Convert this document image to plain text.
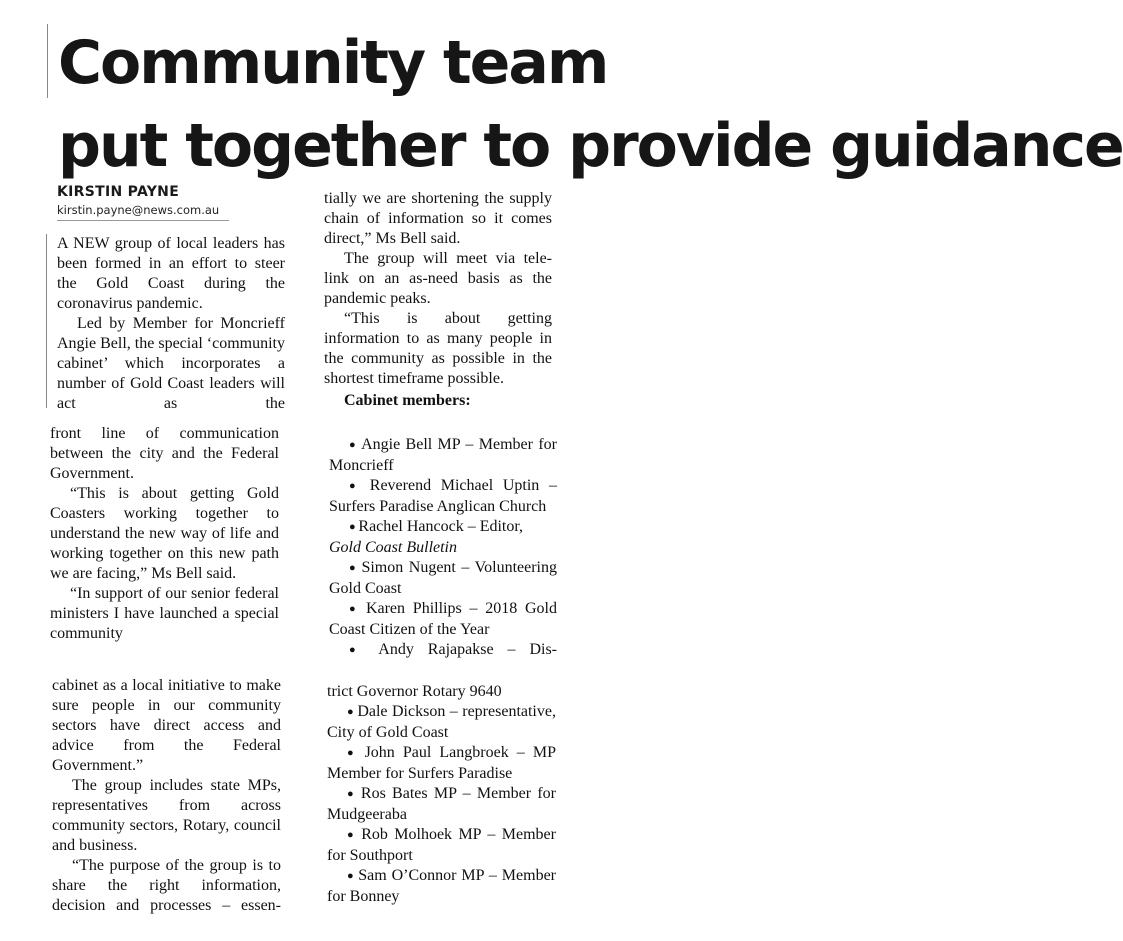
Community team
put together to provide guidance
KIRSTIN PAYNE
kirstin.payne@news.com.au

A NEW group of local leaders has been formed in an effort to steer the Gold Coast during the coronavirus pandemic.

Led by Member for Moncrieff Angie Bell, the special ‘community cabinet’ which incorporates a number of Gold Coast leaders will act as the

front line of communication between the city and the Federal Government.

“This is about getting Gold Coasters working together to understand the new way of life and working together on this new path we are facing,” Ms Bell said.

“In support of our senior federal ministers I have launched a special community

cabinet as a local initiative to make sure people in our community sectors have direct access and advice from the Federal Government.”

The group includes state MPs, representatives from across community sectors, Rotary, council and business.

“The purpose of the group is to share the right information, decision and processes – essen-

tially we are shortening the supply chain of information so it comes direct,” Ms Bell said.

The group will meet via tele-link on an as-need basis as the pandemic peaks.

“This is about getting information to as many people in the community as possible in the shortest timeframe possible.

Cabinet members:

● Angie Bell MP – Member for Moncrieff

● Reverend Michael Uptin – Surfers Paradise Anglican Church

● Rachel Hancock – Editor,

Gold Coast Bulletin

● Simon Nugent – Volunteering Gold Coast

● Karen Phillips – 2018 Gold Coast Citizen of the Year

● Andy Rajapakse – Dis-

trict Governor Rotary 9640

● Dale Dickson – representative, City of Gold Coast

● John Paul Langbroek – MP Member for Surfers Paradise

● Ros Bates MP – Member for Mudgeeraba

● Rob Molhoek MP – Member for Southport

● Sam O’Connor MP – Member for Bonney
